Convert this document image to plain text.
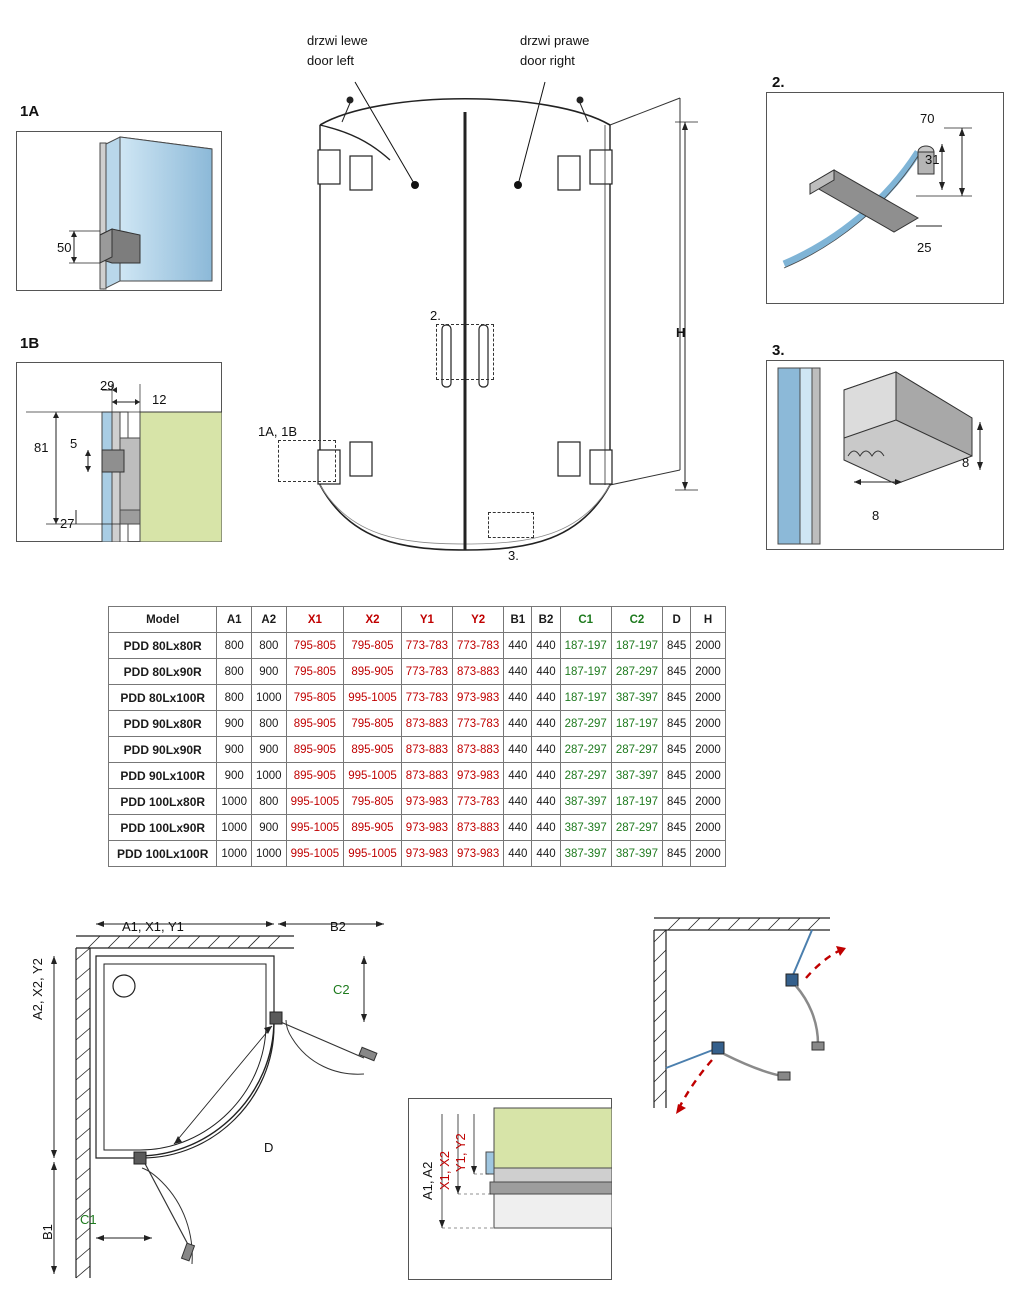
1A
50
1B
29
12
81 5
27
drzwi lewe
door left
drzwi prawe
door right
H
2.
1A, 1B
3.
2.
70
31
25
3.
8
8
Model	A1	A2	X1	X2	Y1	Y2	B1	B2	C1	C2	D	H
PDD 80Lx80R	800	800	795-805	795-805	773-783	773-783	440	440	187-197	187-197	845	2000
PDD 80Lx90R	800	900	795-805	895-905	773-783	873-883	440	440	187-197	287-297	845	2000
PDD 80Lx100R	800	1000	795-805	995-1005	773-783	973-983	440	440	187-197	387-397	845	2000
PDD 90Lx80R	900	800	895-905	795-805	873-883	773-783	440	440	287-297	187-197	845	2000
PDD 90Lx90R	900	900	895-905	895-905	873-883	873-883	440	440	287-297	287-297	845	2000
PDD 90Lx100R	900	1000	895-905	995-1005	873-883	973-983	440	440	287-297	387-397	845	2000
PDD 100Lx80R	1000	800	995-1005	795-805	973-983	773-783	440	440	387-397	187-197	845	2000
PDD 100Lx90R	1000	900	995-1005	895-905	973-983	873-883	440	440	387-397	287-297	845	2000
PDD 100Lx100R	1000	1000	995-1005	995-1005	973-983	973-983	440	440	387-397	387-397	845	2000
A1, X1, Y1	B2
C2
A2, X2, Y2
B1
C1
D
A1, A2 X1, X2 Y1, Y2
